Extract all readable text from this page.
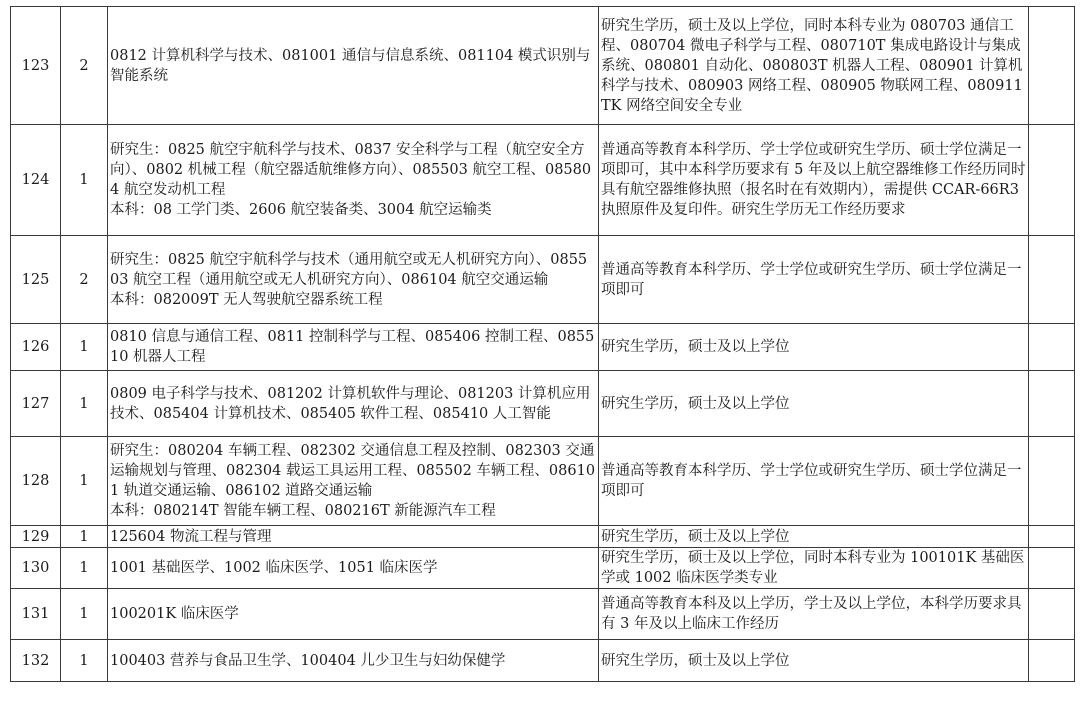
123	2	0812 计算机科学与技术、081001 通信与信息系统、081104 模式识别与智能系统	研究生学历，硕士及以上学位，同时本科专业为 080703 通信工程、080704 微电子科学与工程、080710T 集成电路设计与集成系统、080801 自动化、080803T 机器人工程、080901 计算机科学与技术、080903 网络工程、080905 物联网工程、080911TK 网络空间安全专业	

124	1	研究生：0825 航空宇航科学与技术、0837 安全科学与工程（航空安全方向）、0802 机械工程（航空器适航维修方向）、085503 航空工程、085804 航空发动机工程
本科：08 工学门类、2606 航空装备类、3004 航空运输类	普通高等教育本科学历、学士学位或研究生学历、硕士学位满足一项即可，其中本科学历要求有 5 年及以上航空器维修工作经历同时具有航空器维修执照（报名时在有效期内），需提供 CCAR-66R3 执照原件及复印件。研究生学历无工作经历要求	

125	2	研究生：0825 航空宇航科学与技术（通用航空或无人机研究方向）、085503 航空工程（通用航空或无人机研究方向）、086104 航空交通运输
本科：082009T 无人驾驶航空器系统工程	普通高等教育本科学历、学士学位或研究生学历、硕士学位满足一项即可	

126	1	0810 信息与通信工程、0811 控制科学与工程、085406 控制工程、085510 机器人工程	研究生学历，硕士及以上学位	

127	1	0809 电子科学与技术、081202 计算机软件与理论、081203 计算机应用技术、085404 计算机技术、085405 软件工程、085410 人工智能	研究生学历，硕士及以上学位	

128	1	研究生：080204 车辆工程、082302 交通信息工程及控制、082303 交通运输规划与管理、082304 载运工具运用工程、085502 车辆工程、086101 轨道交通运输、086102 道路交通运输
本科：080214T 智能车辆工程、080216T 新能源汽车工程	普通高等教育本科学历、学士学位或研究生学历、硕士学位满足一项即可	

129	1	125604 物流工程与管理	研究生学历，硕士及以上学位	

130	1	1001 基础医学、1002 临床医学、1051 临床医学	研究生学历，硕士及以上学位，同时本科专业为 100101K 基础医学或 1002 临床医学类专业	

131	1	100201K 临床医学	普通高等教育本科及以上学历，学士及以上学位，本科学历要求具有 3 年及以上临床工作经历	

132	1	100403 营养与食品卫生学、100404 儿少卫生与妇幼保健学	研究生学历，硕士及以上学位	
